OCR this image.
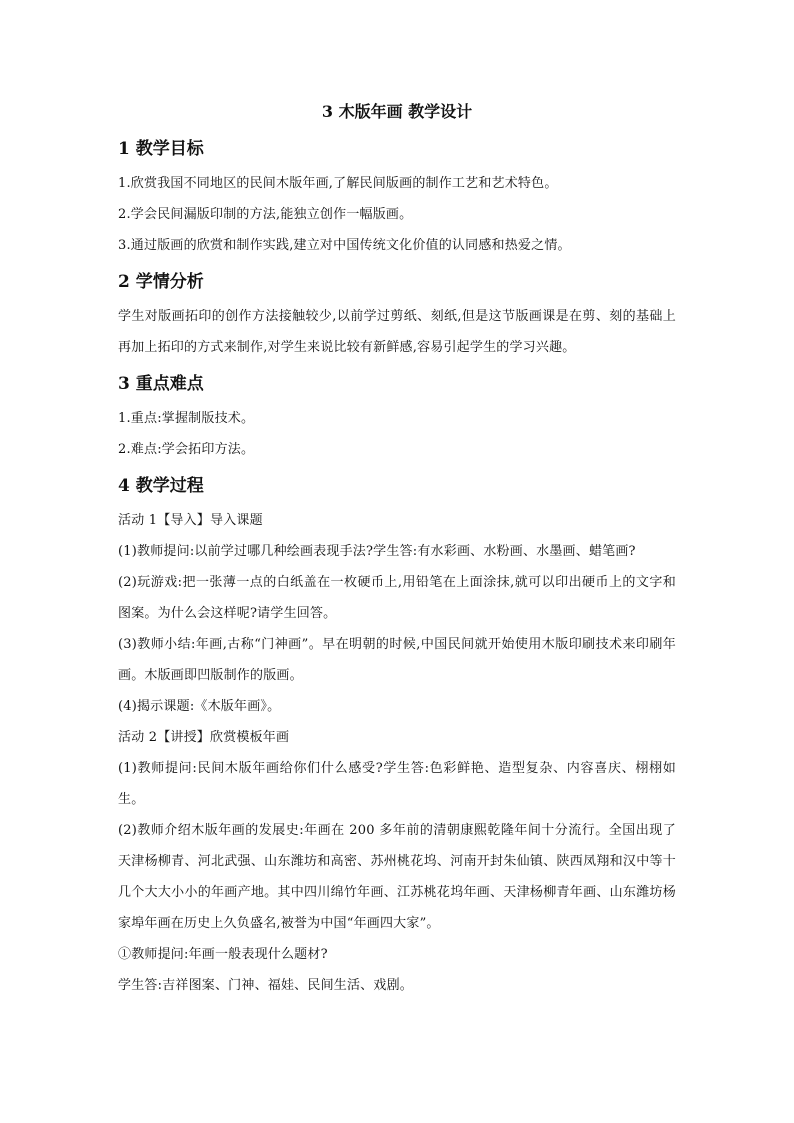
3 木版年画 教学设计
1 教学目标

1.欣赏我国不同地区的民间木版年画,了解民间版画的制作工艺和艺术特色。

2.学会民间漏版印制的方法,能独立创作一幅版画。

3.通过版画的欣赏和制作实践,建立对中国传统文化价值的认同感和热爱之情。

2 学情分析

学生对版画拓印的创作方法接触较少,以前学过剪纸、刻纸,但是这节版画课是在剪、刻的基础上再加上拓印的方式来制作,对学生来说比较有新鲜感,容易引起学生的学习兴趣。

3 重点难点

1.重点:掌握制版技术。

2.难点:学会拓印方法。

4 教学过程

活动 1【导入】导入课题

(1)教师提问:以前学过哪几种绘画表现手法?学生答:有水彩画、水粉画、水墨画、蜡笔画?

(2)玩游戏:把一张薄一点的白纸盖在一枚硬币上,用铅笔在上面涂抹,就可以印出硬币上的文字和图案。为什么会这样呢?请学生回答。

(3)教师小结:年画,古称“门神画”。早在明朝的时候,中国民间就开始使用木版印刷技术来印刷年画。木版画即凹版制作的版画。

(4)揭示课题:《木版年画》。

活动 2【讲授】欣赏模板年画

(1)教师提问:民间木版年画给你们什么感受?学生答:色彩鲜艳、造型复杂、内容喜庆、栩栩如生。

(2)教师介绍木版年画的发展史:年画在 200 多年前的清朝康熙乾隆年间十分流行。全国出现了天津杨柳青、河北武强、山东潍坊和高密、苏州桃花坞、河南开封朱仙镇、陕西凤翔和汉中等十几个大大小小的年画产地。其中四川绵竹年画、江苏桃花坞年画、天津杨柳青年画、山东潍坊杨家埠年画在历史上久负盛名,被誉为中国“年画四大家”。

①教师提问:年画一般表现什么题材?

学生答:吉祥图案、门神、福娃、民间生活、戏剧。
